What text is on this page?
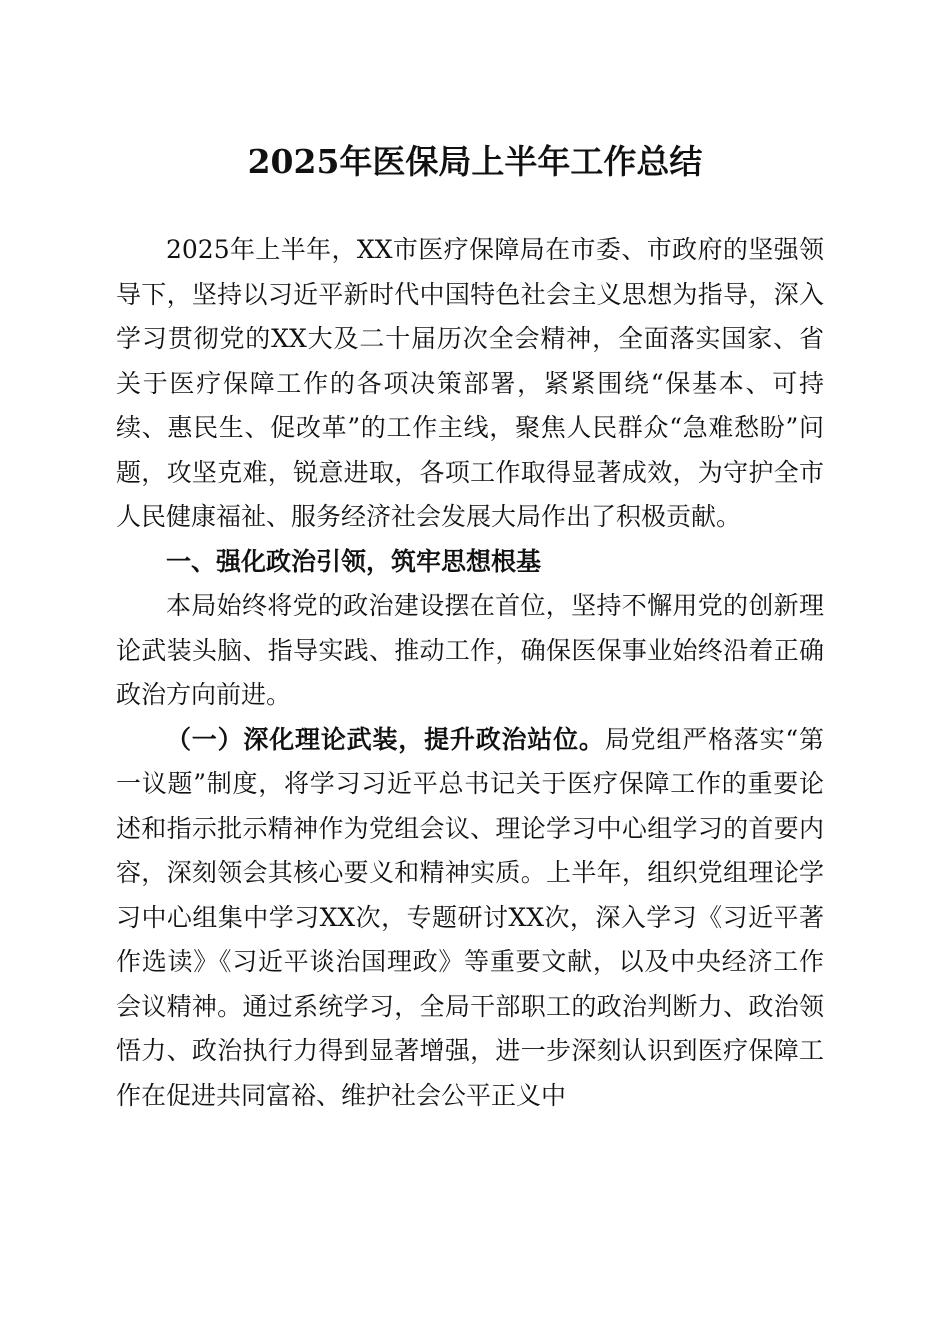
2025年医保局上半年工作总结

2025年上半年，XX市医疗保障局在市委、市政府的坚强领导下，坚持以习近平新时代中国特色社会主义思想为指导，深入学习贯彻党的XX大及二十届历次全会精神，全面落实国家、省关于医疗保障工作的各项决策部署，紧紧围绕“保基本、可持续、惠民生、促改革”的工作主线，聚焦人民群众“急难愁盼”问题，攻坚克难，锐意进取，各项工作取得显著成效，为守护全市人民健康福祉、服务经济社会发展大局作出了积极贡献。

一、强化政治引领，筑牢思想根基

本局始终将党的政治建设摆在首位，坚持不懈用党的创新理论武装头脑、指导实践、推动工作，确保医保事业始终沿着正确政治方向前进。

（一）深化理论武装，提升政治站位。局党组严格落实“第一议题”制度，将学习习近平总书记关于医疗保障工作的重要论述和指示批示精神作为党组会议、理论学习中心组学习的首要内容，深刻领会其核心要义和精神实质。上半年，组织党组理论学习中心组集中学习XX次，专题研讨XX次，深入学习《习近平著作选读》《习近平谈治国理政》等重要文献，以及中央经济工作会议精神。通过系统学习，全局干部职工的政治判断力、政治领悟力、政治执行力得到显著增强，进一步深刻认识到医疗保障工作在促进共同富裕、维护社会公平正义中
